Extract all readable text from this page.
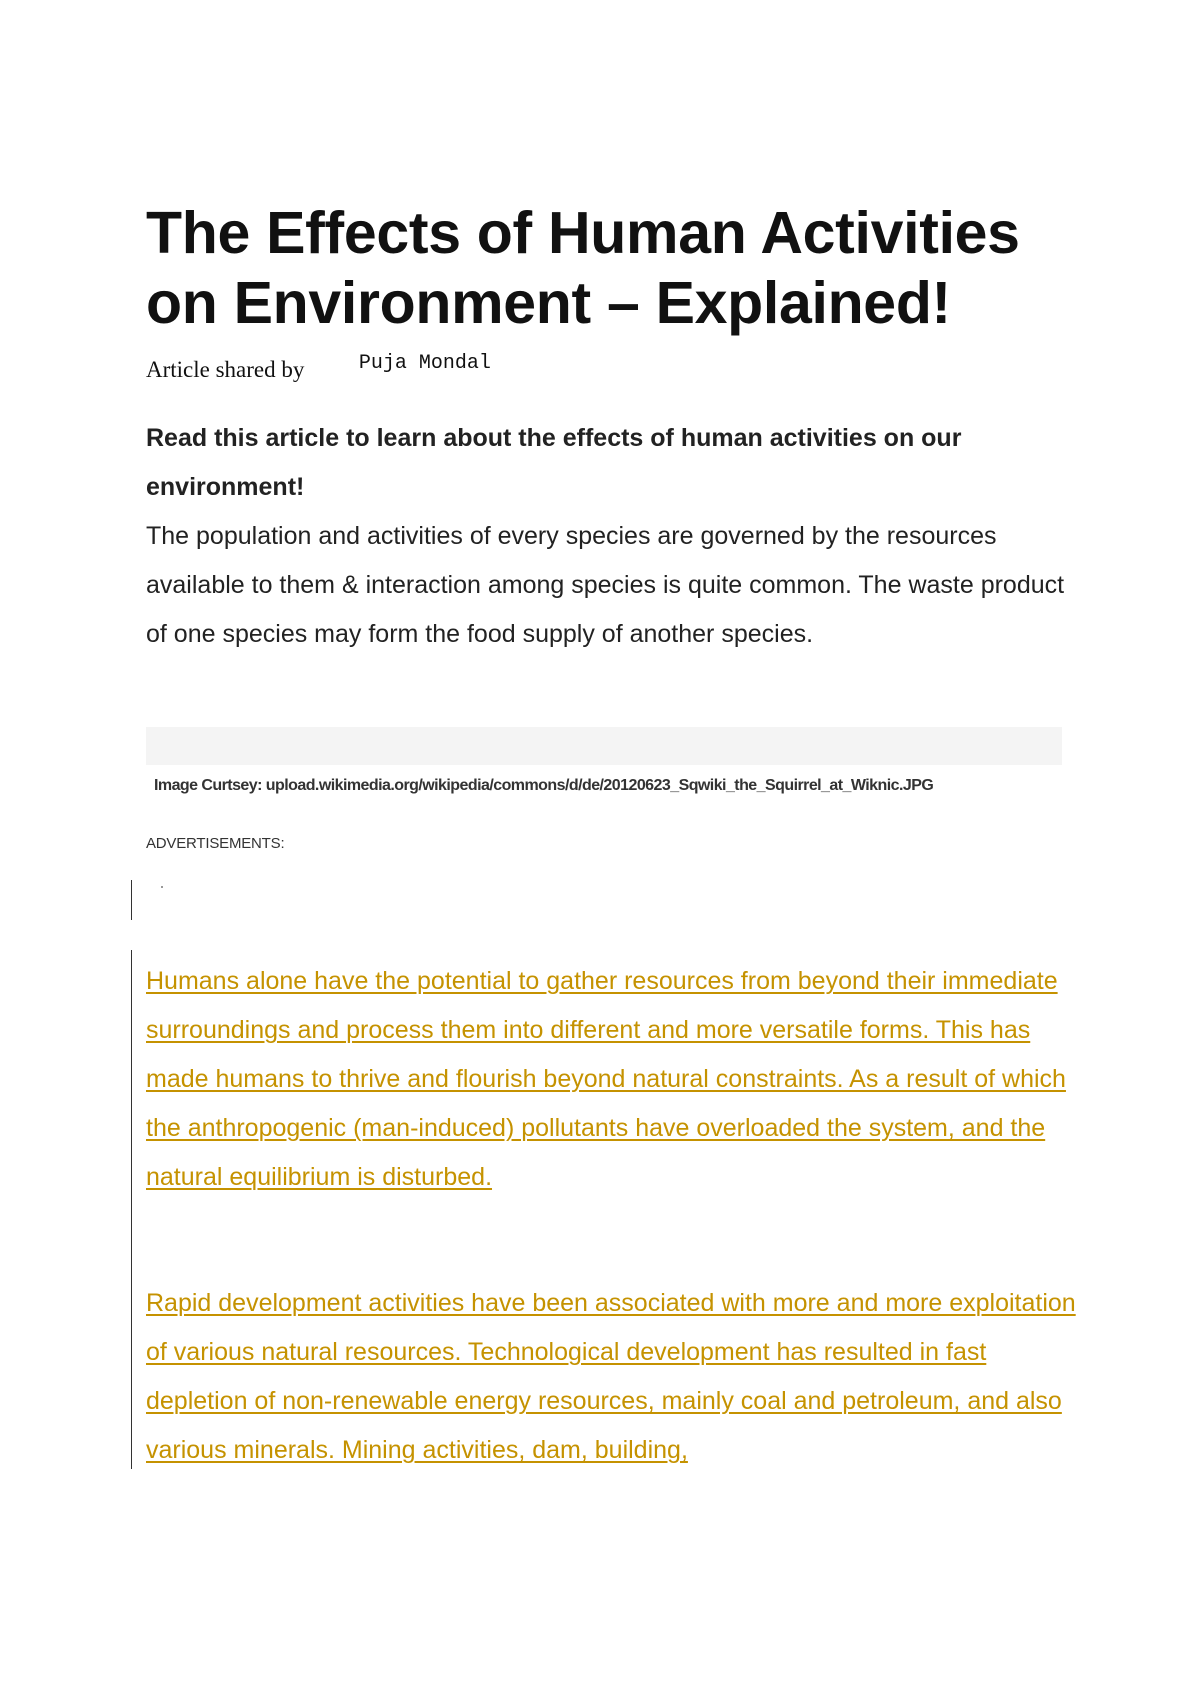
The Effects of Human Activities on Environment – Explained!
Article shared by	Puja Mondal

Read this article to learn about the effects of human activities on our environment!

The population and activities of every species are governed by the resources available to them & interaction among species is quite common. The waste product of one species may form the food supply of another species.

Image Curtsey: upload.wikimedia.org/wikipedia/commons/d/de/20120623_Sqwiki_the_Squirrel_at_Wiknic.JPG

ADVERTISEMENTS:

Humans alone have the potential to gather resources from beyond their immediate surroundings and process them into different and more versatile forms. This has made humans to thrive and flourish beyond natural constraints. As a result of which the anthropogenic (man-induced) pollutants have overloaded the system, and the natural equilibrium is disturbed.

Rapid development activities have been associated with more and more exploitation of various natural resources. Technological development has resulted in fast depletion of non-renewable energy resources, mainly coal and petroleum, and also various minerals. Mining activities, dam, building,
